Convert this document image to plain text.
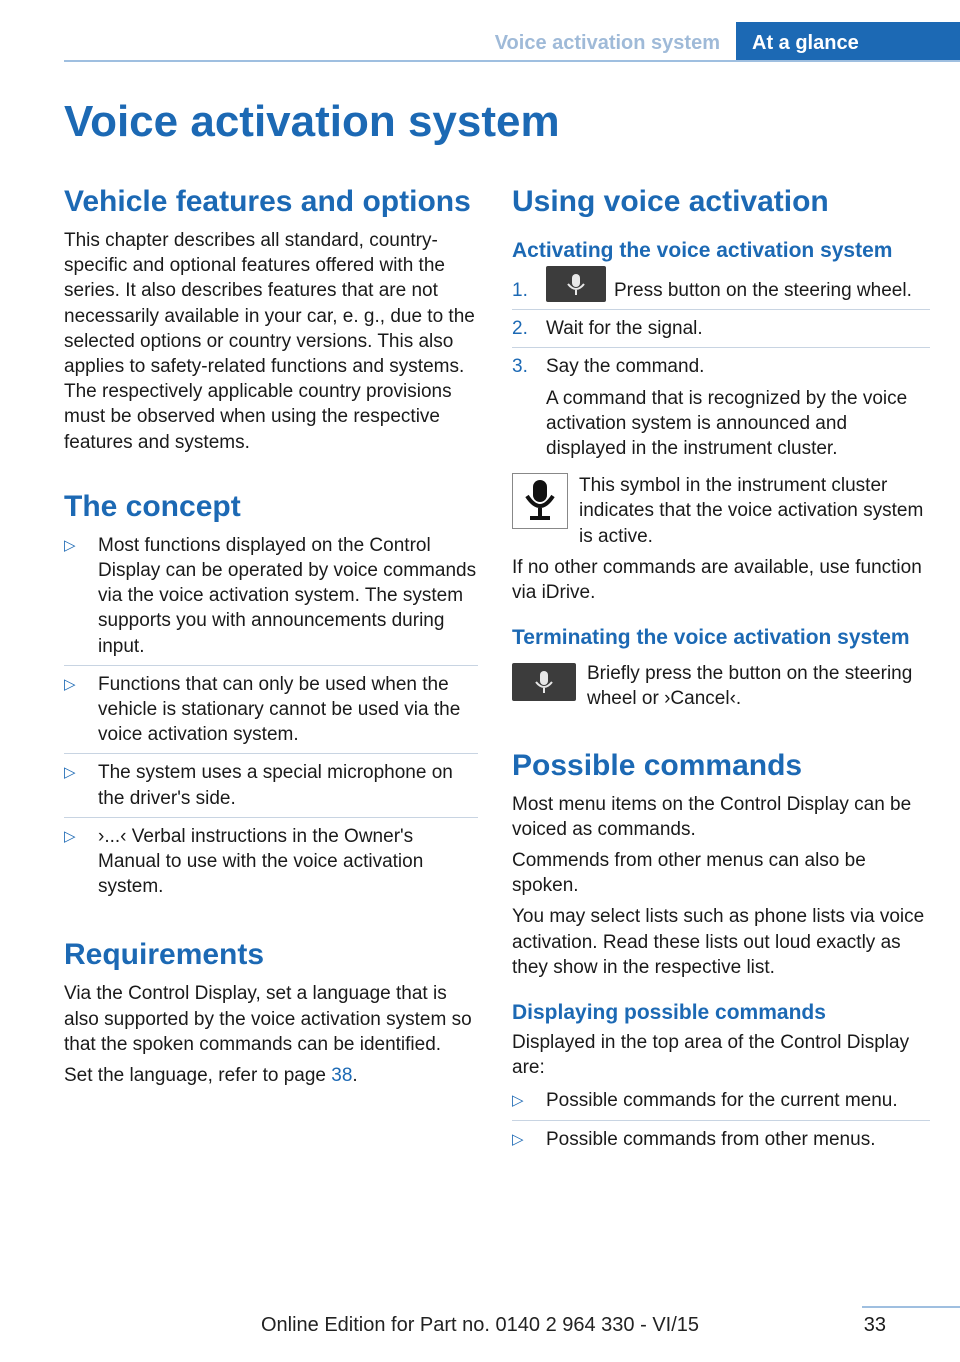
Voice activation system	At a glance
Voice activation system
Vehicle features and options

This chapter describes all standard, country-specific and optional features offered with the series. It also describes features that are not necessarily available in your car, e. g., due to the selected options or country versions. This also applies to safety-related functions and systems. The respectively applicable country provisions must be observed when using the respective features and systems.

The concept
▷ Most functions displayed on the Control Display can be operated by voice commands via the voice activation system. The system supports you with announcements during input.
▷ Functions that can only be used when the vehicle is stationary cannot be used via the voice activation system.
▷ The system uses a special microphone on the driver's side.
▷ ›...‹ Verbal instructions in the Owner's Manual to use with the voice activation system.
Requirements

Via the Control Display, set a language that is also supported by the voice activation system so that the spoken commands can be identified.

Set the language, refer to page 38.

Using voice activation
Activating the voice activation system
1.	Press button on the steering wheel.
2. Wait for the signal.
3. Say the command.

A command that is recognized by the voice activation system is announced and displayed in the instrument cluster.

This symbol in the instrument cluster indicates that the voice activation system is active.

If no other commands are available, use function via iDrive.

Terminating the voice activation system

Briefly press the button on the steering wheel or ›Cancel‹.

Possible commands

Most menu items on the Control Display can be voiced as commands.

Commends from other menus can also be spoken.

You may select lists such as phone lists via voice activation. Read these lists out loud exactly as they show in the respective list.

Displaying possible commands

Displayed in the top area of the Control Display are:

▷ Possible commands for the current menu.
▷ Possible commands from other menus.
33
Online Edition for Part no. 0140 2 964 330 - VI/15
